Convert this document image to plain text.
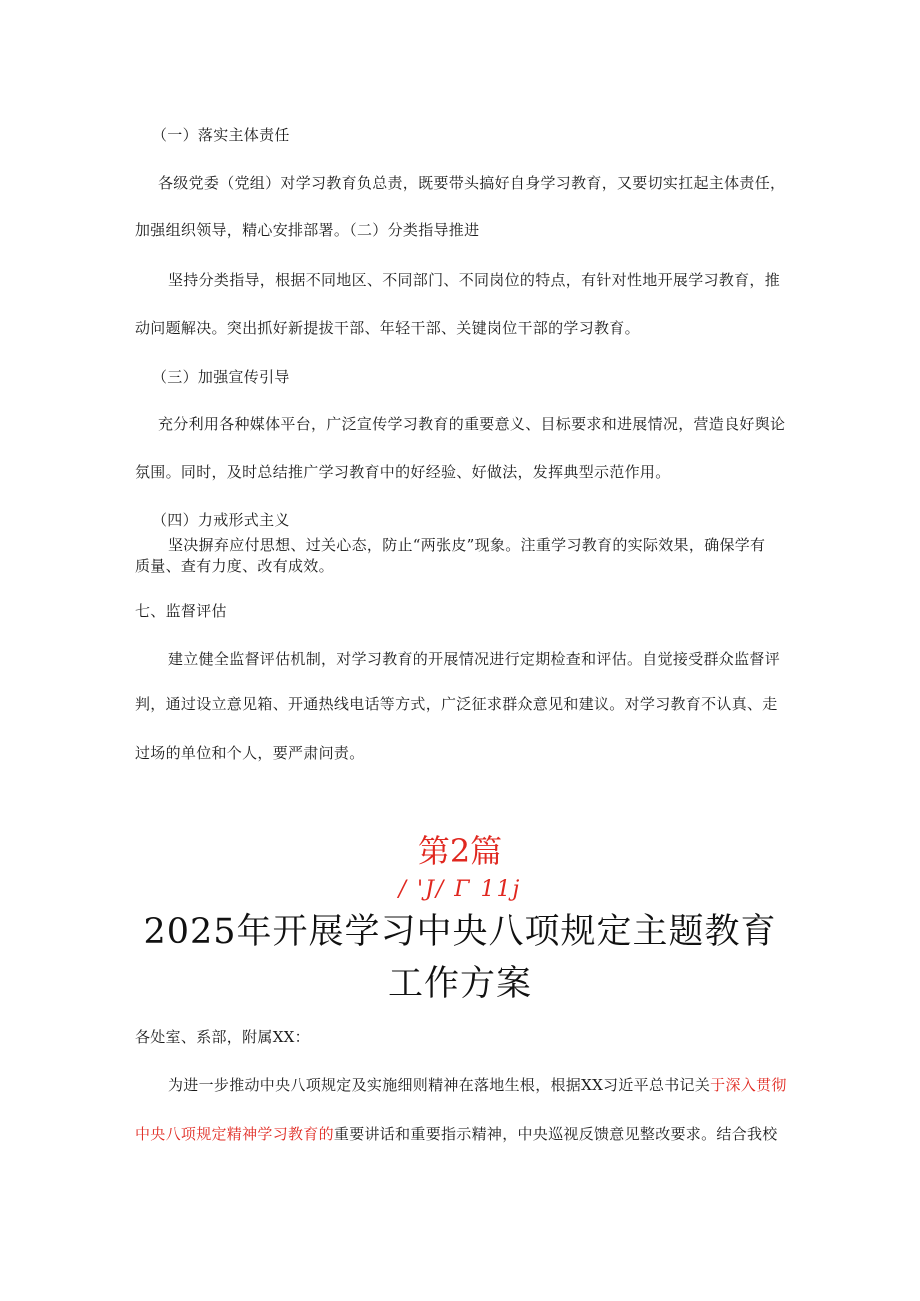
（一）落实主体责任
各级党委（党组）对学习教育负总责，既要带头搞好自身学习教育，又要切实扛起主体责任，
加强组织领导，精心安排部署。（二）分类指导推进
坚持分类指导，根据不同地区、不同部门、不同岗位的特点，有针对性地开展学习教育，推
动问题解决。突出抓好新提拔干部、年轻干部、关键岗位干部的学习教育。
（三）加强宣传引导
充分利用各种媒体平台，广泛宣传学习教育的重要意义、目标要求和进展情况，营造良好舆论
氛围。同时，及时总结推广学习教育中的好经验、好做法，发挥典型示范作用。
（四）力戒形式主义
坚决摒弃应付思想、过关心态，防止“两张皮”现象。注重学习教育的实际效果，确保学有
质量、查有力度、改有成效。
七、监督评估
建立健全监督评估机制，对学习教育的开展情况进行定期检查和评估。自觉接受群众监督评
判，通过设立意见箱、开通热线电话等方式，广泛征求群众意见和建议。对学习教育不认真、走
过场的单位和个人，要严肃问责。
第2篇
/ 'J/ Γ 11j
2025年开展学习中央八项规定主题教育
工作方案
各处室、系部，附属XX：
为进一步推动中央八项规定及实施细则精神在落地生根，根据XX习近平总书记关于深入贯彻
中央八项规定精神学习教育的重要讲话和重要指示精神，中央巡视反馈意见整改要求。结合我校
